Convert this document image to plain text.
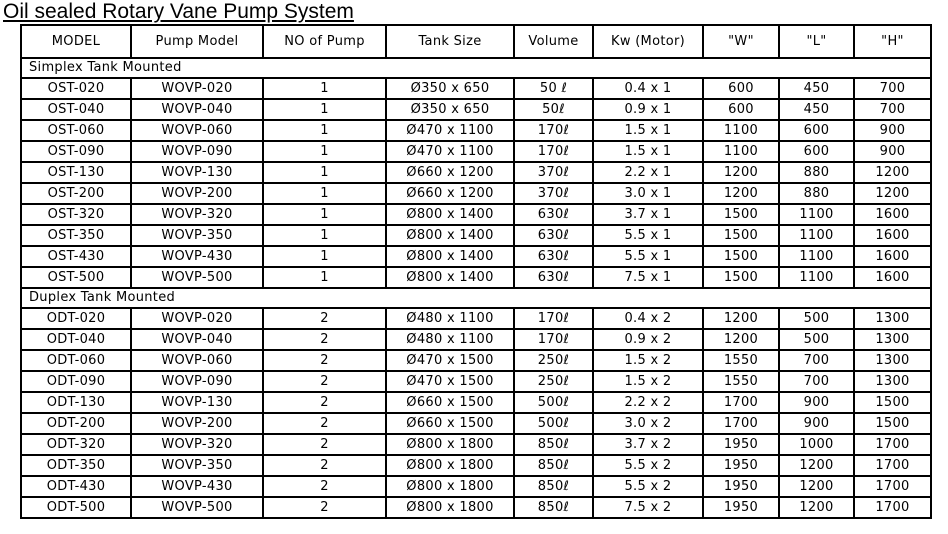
Oil sealed Rotary Vane Pump System
MODEL	Pump Model	NO of Pump	Tank Size	Volume	Kw (Motor)	"W"	"L"	"H"
Simplex Tank Mounted								
OST-020	WOVP-020	1	Ø350 x 650	50 ℓ	0.4 x 1	600	450	700
OST-040	WOVP-040	1	Ø350 x 650	50ℓ	0.9 x 1	600	450	700
OST-060	WOVP-060	1	Ø470 x 1100	170ℓ	1.5 x 1	1100	600	900
OST-090	WOVP-090	1	Ø470 x 1100	170ℓ	1.5 x 1	1100	600	900
OST-130	WOVP-130	1	Ø660 x 1200	370ℓ	2.2 x 1	1200	880	1200
OST-200	WOVP-200	1	Ø660 x 1200	370ℓ	3.0 x 1	1200	880	1200
OST-320	WOVP-320	1	Ø800 x 1400	630ℓ	3.7 x 1	1500	1100	1600
OST-350	WOVP-350	1	Ø800 x 1400	630ℓ	5.5 x 1	1500	1100	1600
OST-430	WOVP-430	1	Ø800 x 1400	630ℓ	5.5 x 1	1500	1100	1600
OST-500	WOVP-500	1	Ø800 x 1400	630ℓ	7.5 x 1	1500	1100	1600
Duplex Tank Mounted								
ODT-020	WOVP-020	2	Ø480 x 1100	170ℓ	0.4 x 2	1200	500	1300
ODT-040	WOVP-040	2	Ø480 x 1100	170ℓ	0.9 x 2	1200	500	1300
ODT-060	WOVP-060	2	Ø470 x 1500	250ℓ	1.5 x 2	1550	700	1300
ODT-090	WOVP-090	2	Ø470 x 1500	250ℓ	1.5 x 2	1550	700	1300
ODT-130	WOVP-130	2	Ø660 x 1500	500ℓ	2.2 x 2	1700	900	1500
ODT-200	WOVP-200	2	Ø660 x 1500	500ℓ	3.0 x 2	1700	900	1500
ODT-320	WOVP-320	2	Ø800 x 1800	850ℓ	3.7 x 2	1950	1000	1700
ODT-350	WOVP-350	2	Ø800 x 1800	850ℓ	5.5 x 2	1950	1200	1700
ODT-430	WOVP-430	2	Ø800 x 1800	850ℓ	5.5 x 2	1950	1200	1700
ODT-500	WOVP-500	2	Ø800 x 1800	850ℓ	7.5 x 2	1950	1200	1700
